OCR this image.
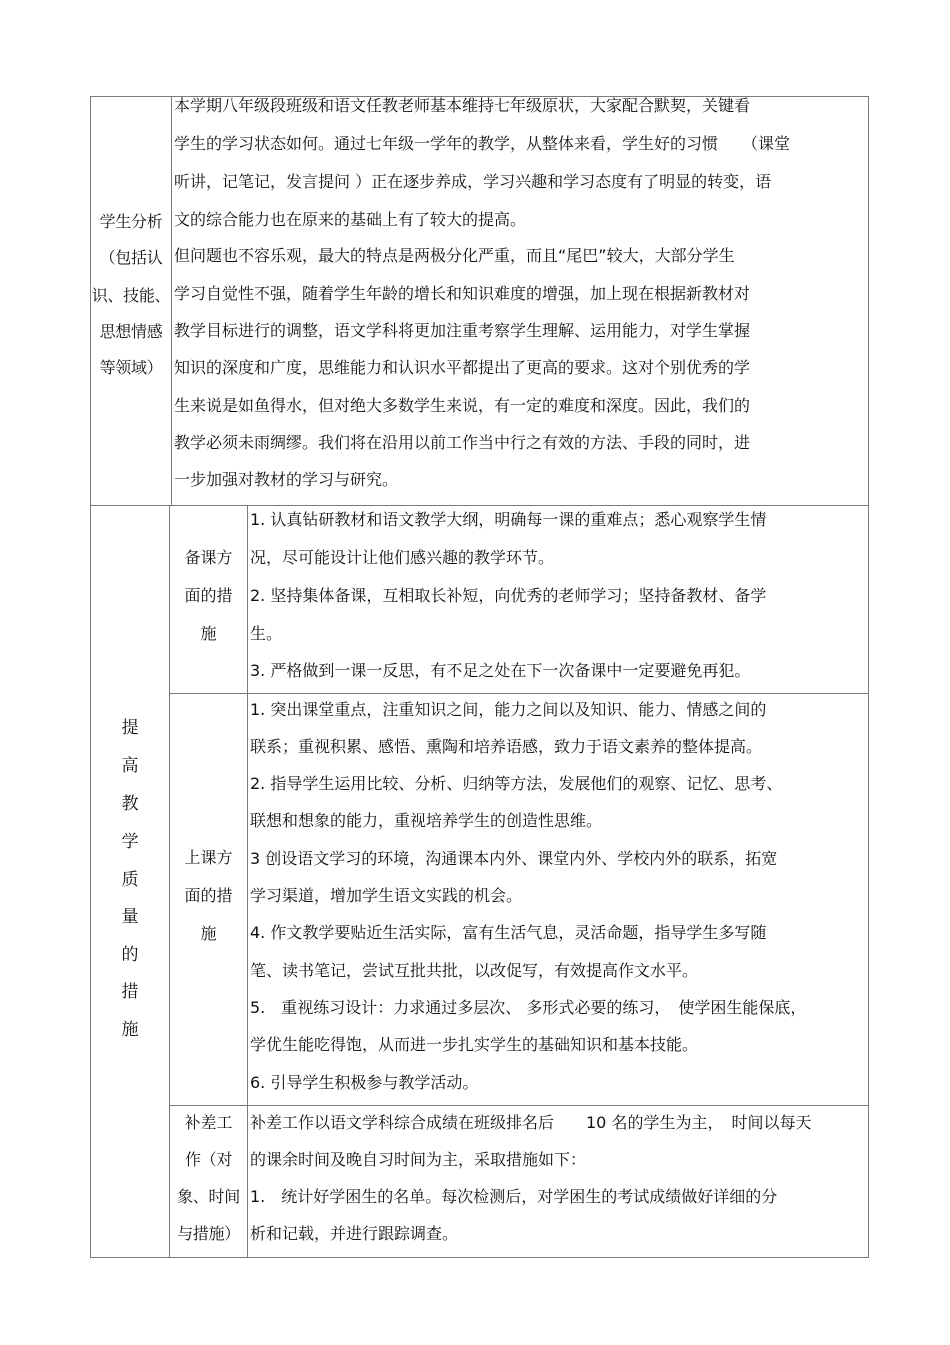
学生分析
（包括认
识、技能、
思想情感
等领域）
本学期八年级段班级和语文任教老师基本维持七年级原状，大家配合默契，关键看
学生的学习状态如何。通过七年级一学年的教学，从整体来看，学生好的习惯　　（课堂
听讲，记笔记，发言提问 ）正在逐步养成，学习兴趣和学习态度有了明显的转变，语
文的综合能力也在原来的基础上有了较大的提高。
但问题也不容乐观，最大的特点是两极分化严重，而且“尾巴”较大，大部分学生
学习自觉性不强，随着学生年龄的增长和知识难度的增强，加上现在根据新教材对
教学目标进行的调整，语文学科将更加注重考察学生理解、运用能力，对学生掌握
知识的深度和广度，思维能力和认识水平都提出了更高的要求。这对个别优秀的学
生来说是如鱼得水，但对绝大多数学生来说，有一定的难度和深度。因此，我们的
教学必须未雨绸缪。我们将在沿用以前工作当中行之有效的方法、手段的同时，进
一步加强对教材的学习与研究。
提
高
教
学
质
量
的
措
施
备课方
面的措
施
1. 认真钻研教材和语文教学大纲，明确每一课的重难点；悉心观察学生情
况，尽可能设计让他们感兴趣的教学环节。
2. 坚持集体备课，互相取长补短，向优秀的老师学习；坚持备教材、备学
生。
3. 严格做到一课一反思，有不足之处在下一次备课中一定要避免再犯。
上课方
面的措
施
1. 突出课堂重点，注重知识之间，能力之间以及知识、能力、情感之间的
联系；重视积累、感悟、熏陶和培养语感，致力于语文素养的整体提高。
2. 指导学生运用比较、分析、归纳等方法，发展他们的观察、记忆、思考、
联想和想象的能力，重视培养学生的创造性思维。
3 创设语文学习的环境，沟通课本内外、课堂内外、学校内外的联系，拓宽
学习渠道，增加学生语文实践的机会。
4. 作文教学要贴近生活实际，富有生活气息，灵活命题，指导学生多写随
笔、读书笔记，尝试互批共批，以改促写，有效提高作文水平。
5.　重视练习设计：力求通过多层次、 多形式必要的练习，　使学困生能保底，
学优生能吃得饱，从而进一步扎实学生的基础知识和基本技能。
6. 引导学生积极参与教学活动。
补差工
作（对
象、时间
与措施）
补差工作以语文学科综合成绩在班级排名后　　10 名的学生为主，　时间以每天
的课余时间及晚自习时间为主，采取措施如下：
1.　统计好学困生的名单。每次检测后，对学困生的考试成绩做好详细的分
析和记载，并进行跟踪调查。
